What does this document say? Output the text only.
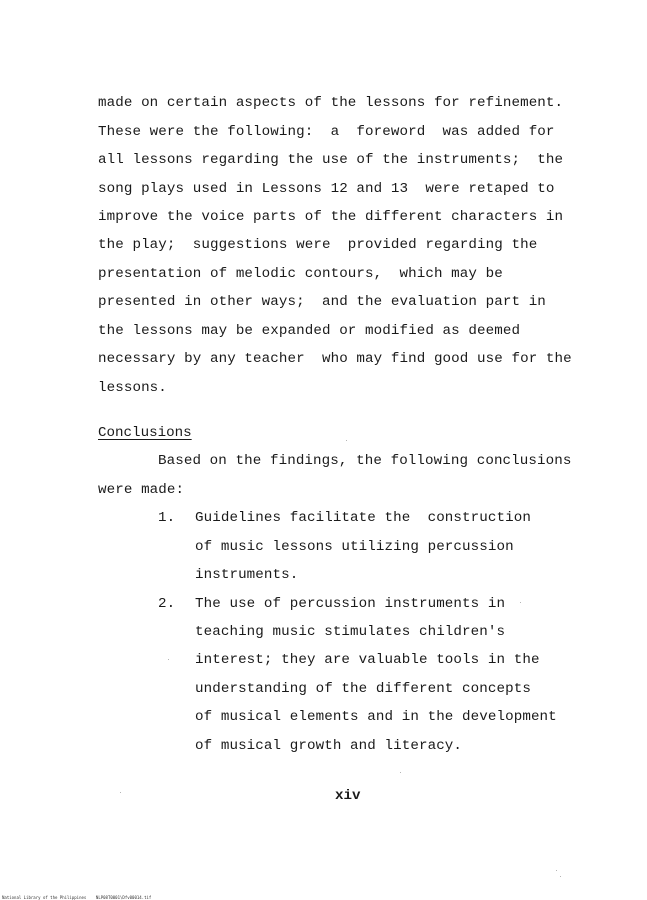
made on certain aspects of the lessons for refinement.
These were the following:  a  foreword  was added for
all lessons regarding the use of the instruments;  the
song plays used in Lessons 12 and 13  were retaped to
improve the voice parts of the different characters in
the play;  suggestions were  provided regarding the
presentation of melodic contours,  which may be
presented in other ways;  and the evaluation part in
the lessons may be expanded or modified as deemed
necessary by any teacher  who may find good use for the
lessons.
Conclusions
Based on the findings, the following conclusions
were made:
1. Guidelines facilitate the  construction
of music lessons utilizing percussion
instruments.
2. The use of percussion instruments in
teaching music stimulates children's
interest; they are valuable tools in the
understanding of the different concepts
of musical elements and in the development
of musical growth and literacy.
xiv
National Library of the Philippines    NLP08T0001\Dfv00014.tif
